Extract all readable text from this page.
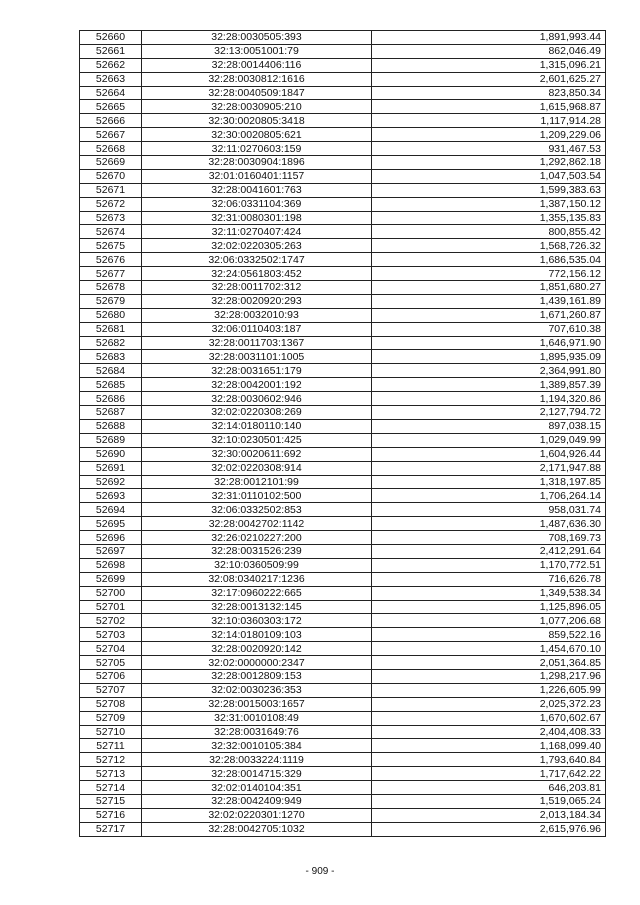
52660	32:28:0030505:393	1,891,993.44
52661	32:13:0051001:79	862,046.49
52662	32:28:0014406:116	1,315,096.21
52663	32:28:0030812:1616	2,601,625.27
52664	32:28:0040509:1847	823,850.34
52665	32:28:0030905:210	1,615,968.87
52666	32:30:0020805:3418	1,117,914.28
52667	32:30:0020805:621	1,209,229.06
52668	32:11:0270603:159	931,467.53
52669	32:28:0030904:1896	1,292,862.18
52670	32:01:0160401:1157	1,047,503.54
52671	32:28:0041601:763	1,599,383.63
52672	32:06:0331104:369	1,387,150.12
52673	32:31:0080301:198	1,355,135.83
52674	32:11:0270407:424	800,855.42
52675	32:02:0220305:263	1,568,726.32
52676	32:06:0332502:1747	1,686,535.04
52677	32:24:0561803:452	772,156.12
52678	32:28:0011702:312	1,851,680.27
52679	32:28:0020920:293	1,439,161.89
52680	32:28:0032010:93	1,671,260.87
52681	32:06:0110403:187	707,610.38
52682	32:28:0011703:1367	1,646,971.90
52683	32:28:0031101:1005	1,895,935.09
52684	32:28:0031651:179	2,364,991.80
52685	32:28:0042001:192	1,389,857.39
52686	32:28:0030602:946	1,194,320.86
52687	32:02:0220308:269	2,127,794.72
52688	32:14:0180110:140	897,038.15
52689	32:10:0230501:425	1,029,049.99
52690	32:30:0020611:692	1,604,926.44
52691	32:02:0220308:914	2,171,947.88
52692	32:28:0012101:99	1,318,197.85
52693	32:31:0110102:500	1,706,264.14
52694	32:06:0332502:853	958,031.74
52695	32:28:0042702:1142	1,487,636.30
52696	32:26:0210227:200	708,169.73
52697	32:28:0031526:239	2,412,291.64
52698	32:10:0360509:99	1,170,772.51
52699	32:08:0340217:1236	716,626.78
52700	32:17:0960222:665	1,349,538.34
52701	32:28:0013132:145	1,125,896.05
52702	32:10:0360303:172	1,077,206.68
52703	32:14:0180109:103	859,522.16
52704	32:28:0020920:142	1,454,670.10
52705	32:02:0000000:2347	2,051,364.85
52706	32:28:0012809:153	1,298,217.96
52707	32:02:0030236:353	1,226,605.99
52708	32:28:0015003:1657	2,025,372.23
52709	32:31:0010108:49	1,670,602.67
52710	32:28:0031649:76	2,404,408.33
52711	32:32:0010105:384	1,168,099.40
52712	32:28:0033224:1119	1,793,640.84
52713	32:28:0014715:329	1,717,642.22
52714	32:02:0140104:351	646,203.81
52715	32:28:0042409:949	1,519,065.24
52716	32:02:0220301:1270	2,013,184.34
52717	32:28:0042705:1032	2,615,976.96
- 909 -
